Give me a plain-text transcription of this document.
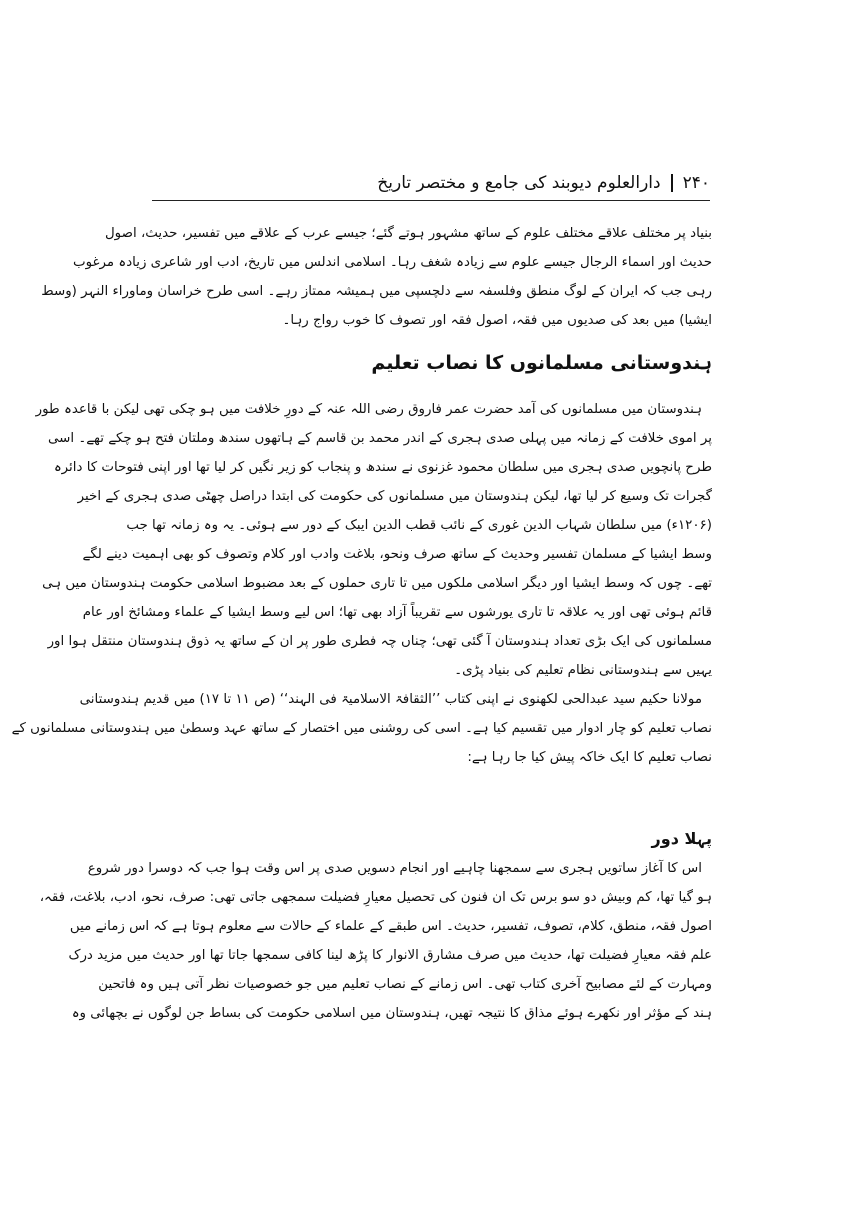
۲۴۰
دارالعلوم دیوبند کی جامع و مختصر تاریخ
بنیاد پر مختلف علاقے مختلف علوم کے ساتھ مشہور ہوتے گئے؛ جیسے عرب کے علاقے میں تفسیر، حدیث، اصول
حدیث اور اسماء الرجال جیسے علوم سے زیادہ شغف رہا۔ اسلامی اندلس میں تاریخ، ادب اور شاعری زیادہ مرغوب
رہی جب کہ ایران کے لوگ منطق وفلسفہ سے دلچسپی میں ہمیشہ ممتاز رہے۔ اسی طرح خراسان وماوراء النہر (وسط
ایشیا) میں بعد کی صدیوں میں فقہ، اصول فقہ اور تصوف کا خوب رواج رہا۔
ہندوستانی مسلمانوں کا نصاب تعلیم
ہندوستان میں مسلمانوں کی آمد حضرت عمر فاروق رضی اللہ عنہ کے دورِ خلافت میں ہو چکی تھی لیکن با قاعدہ طور
پر اموی خلافت کے زمانہ میں پہلی صدی ہجری کے اندر محمد بن قاسم کے ہاتھوں سندھ وملتان فتح ہو چکے تھے۔ اسی
طرح پانچویں صدی ہجری میں سلطان محمود غزنوی نے سندھ و پنجاب کو زیر نگیں کر لیا تھا اور اپنی فتوحات کا دائرہ
گجرات تک وسیع کر لیا تھا، لیکن ہندوستان میں مسلمانوں کی حکومت کی ابتدا دراصل چھٹی صدی ہجری کے اخیر
(۱۲۰۶ء) میں سلطان شہاب الدین غوری کے نائب قطب الدین ایبک کے دور سے ہوئی۔ یہ وہ زمانہ تھا جب
وسط ایشیا کے مسلمان تفسیر وحدیث کے ساتھ صرف ونحو، بلاغت وادب اور کلام وتصوف کو بھی اہمیت دینے لگے
تھے۔ چوں کہ وسط ایشیا اور دیگر اسلامی ملکوں میں تا تاری حملوں کے بعد مضبوط اسلامی حکومت ہندوستان میں ہی
قائم ہوئی تھی اور یہ علاقہ تا تاری یورشوں سے تقریباً آزاد بھی تھا؛ اس لیے وسط ایشیا کے علماء ومشائخ اور عام
مسلمانوں کی ایک بڑی تعداد ہندوستان آ گئی تھی؛ چناں چہ فطری طور پر ان کے ساتھ یہ ذوق ہندوستان منتقل ہوا اور
یہیں سے ہندوستانی نظام تعلیم کی بنیاد پڑی۔
مولانا حکیم سید عبدالحی لکھنوی نے اپنی کتاب ’’الثقافۃ الاسلامیۃ فی الہند‘‘ (ص ۱۱ تا ۱۷) میں قدیم ہندوستانی
نصاب تعلیم کو چار ادوار میں تقسیم کیا ہے۔ اسی کی روشنی میں اختصار کے ساتھ عہد وسطیٰ میں ہندوستانی مسلمانوں کے
نصاب تعلیم کا ایک خاکہ پیش کیا جا رہا ہے:
پہلا دور
اس کا آغاز ساتویں ہجری سے سمجھنا چاہیے اور انجام دسویں صدی پر اس وقت ہوا جب کہ دوسرا دور شروع
ہو گیا تھا، کم وبیش دو سو برس تک ان فنون کی تحصیل معیارِ فضیلت سمجھی جاتی تھی: صرف، نحو، ادب، بلاغت، فقہ،
اصول فقہ، منطق، کلام، تصوف، تفسیر، حدیث۔ اس طبقے کے علماء کے حالات سے معلوم ہوتا ہے کہ اس زمانے میں
علم فقہ معیارِ فضیلت تھا، حدیث میں صرف مشارق الانوار کا پڑھ لینا کافی سمجھا جاتا تھا اور حدیث میں مزید درک
ومہارت کے لئے مصابیح آخری کتاب تھی۔ اس زمانے کے نصاب تعلیم میں جو خصوصیات نظر آتی ہیں وہ فاتحین
ہند کے مؤثر اور نکھرے ہوئے مذاق کا نتیجہ تھیں، ہندوستان میں اسلامی حکومت کی بساط جن لوگوں نے بچھائی وہ
